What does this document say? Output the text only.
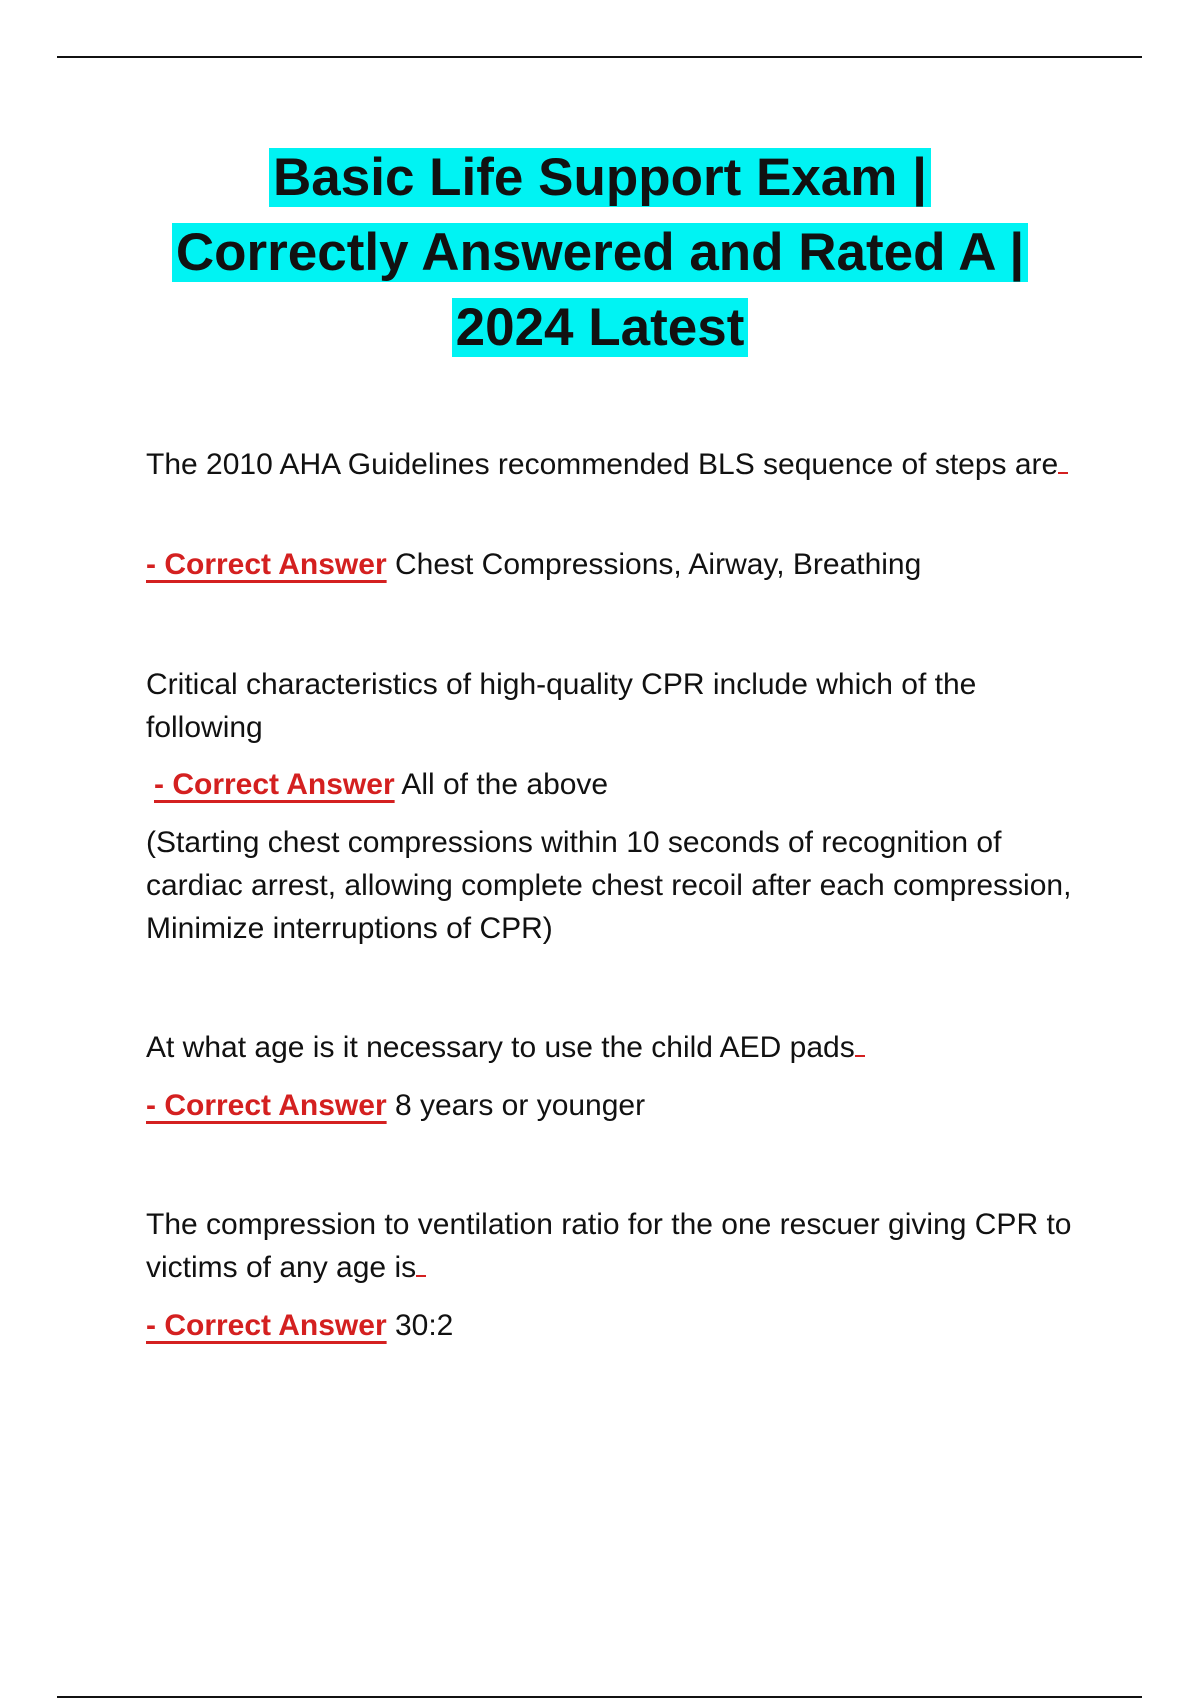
Basic Life Support Exam |
Correctly Answered and Rated A |
2024 Latest

The 2010 AHA Guidelines recommended BLS sequence of steps are

- Correct Answer Chest Compressions, Airway, Breathing

Critical characteristics of high-quality CPR include which of the following

- Correct Answer All of the above

(Starting chest compressions within 10 seconds of recognition of cardiac arrest, allowing complete chest recoil after each compression, Minimize interruptions of CPR)

At what age is it necessary to use the child AED pads

- Correct Answer 8 years or younger

The compression to ventilation ratio for the one rescuer giving CPR to victims of any age is

- Correct Answer 30:2
